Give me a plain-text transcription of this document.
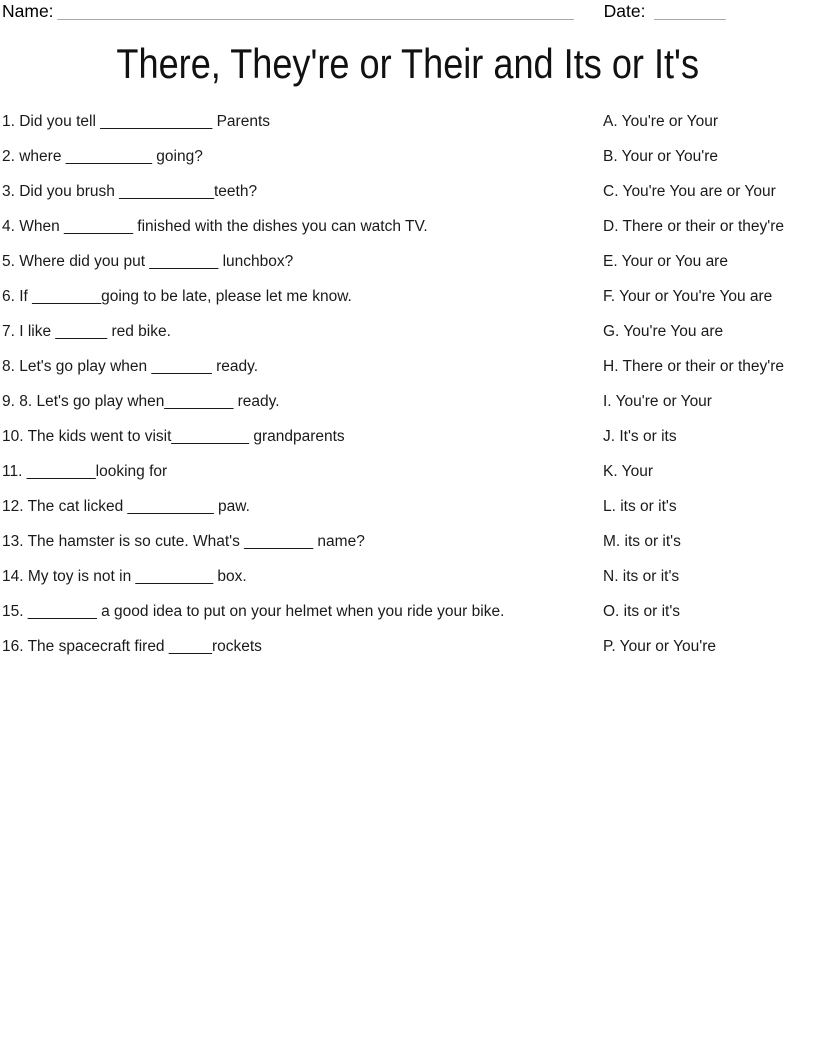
Name: __________________________________________________________ Date: ________
There, They're or Their and Its or It's
1. Did you tell _____________ Parents
2. where __________ going?
3. Did you brush ___________teeth?
4. When ________ finished with the dishes you can watch TV.
5. Where did you put ________ lunchbox?
6. If ________going to be late, please let me know.
7. I like ______ red bike.
8. Let's go play when _______ ready.
9. 8. Let's go play when________ ready.
10. The kids went to visit_________ grandparents
11. ________looking for
12. The cat licked __________ paw.
13. The hamster is so cute. What's ________ name?
14. My toy is not in _________ box.
15. ________ a good idea to put on your helmet when you ride your bike.
16. The spacecraft fired _____rockets
A. You're or Your
B. Your or You're
C. You're You are or Your
D. There or their or they're
E. Your or You are
F. Your or You're You are
G. You're You are
H. There or their or they're
I. You're or Your
J. It's or its
K. Your
L. its or it's
M. its or it's
N. its or it's
O. its or it's
P. Your or You're
